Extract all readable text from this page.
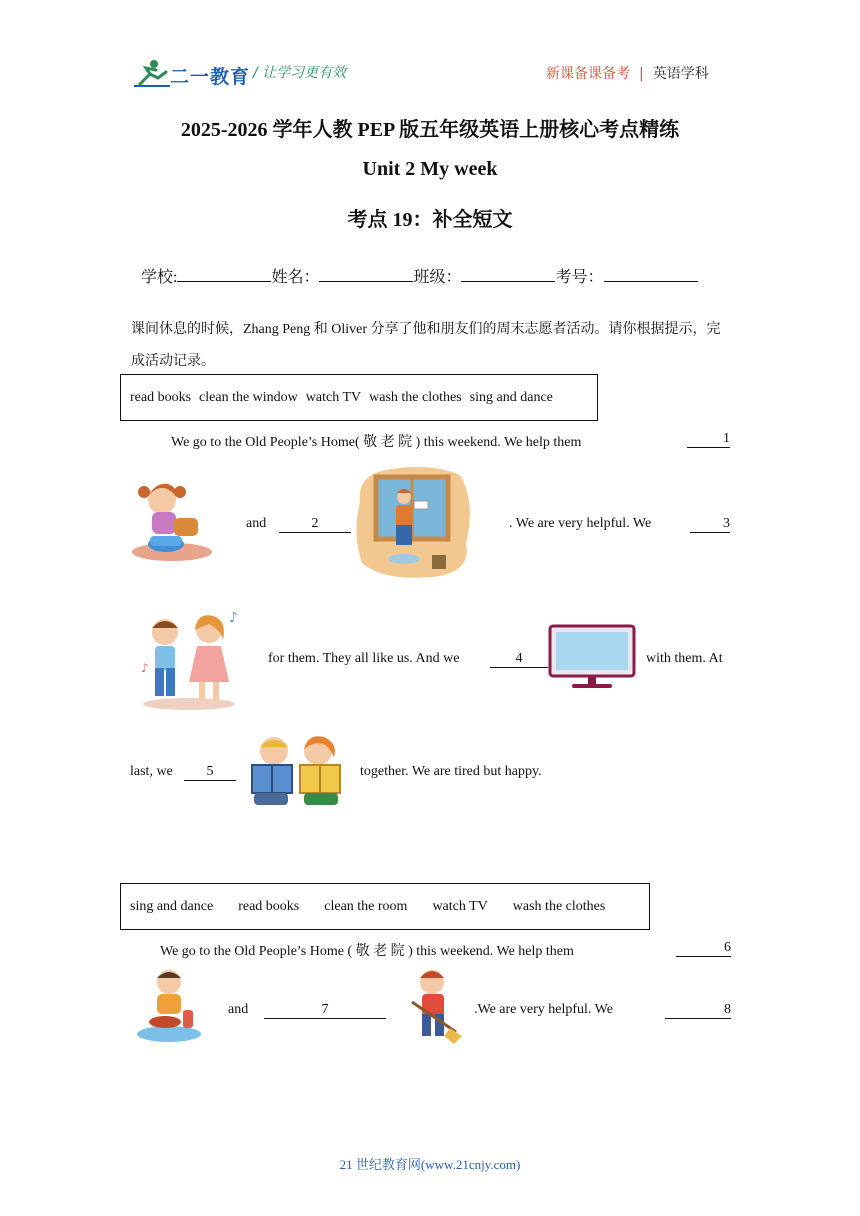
二一教育 / 让学习更有效	新课备课备考 | 英语学科
2025-2026 学年人教 PEP 版五年级英语上册核心考点精练
Unit 2 My week
考点 19：补全短文
学校:	姓名：	班级：	考号：
课间休息的时候，Zhang Peng 和 Oliver 分享了他和朋友们的周末志愿者活动。请你根据提示，完成活动记录。
read books clean the window watch TV wash the clothes sing and dance
We go to the Old People’s Home( 敬 老 院 ) this weekend. We help them	1
and	2	. We are very helpful. We	3
♪
♪
for them. They all like us. And we	4	with them. At
last, we	5	together. We are tired but happy.
sing and dance read books clean the room watch TV wash the clothes
We go to the Old People’s Home ( 敬 老 院 ) this weekend. We help them	6
and	7	.We are very helpful. We	8
21 世纪教育网(www.21cnjy.com)
